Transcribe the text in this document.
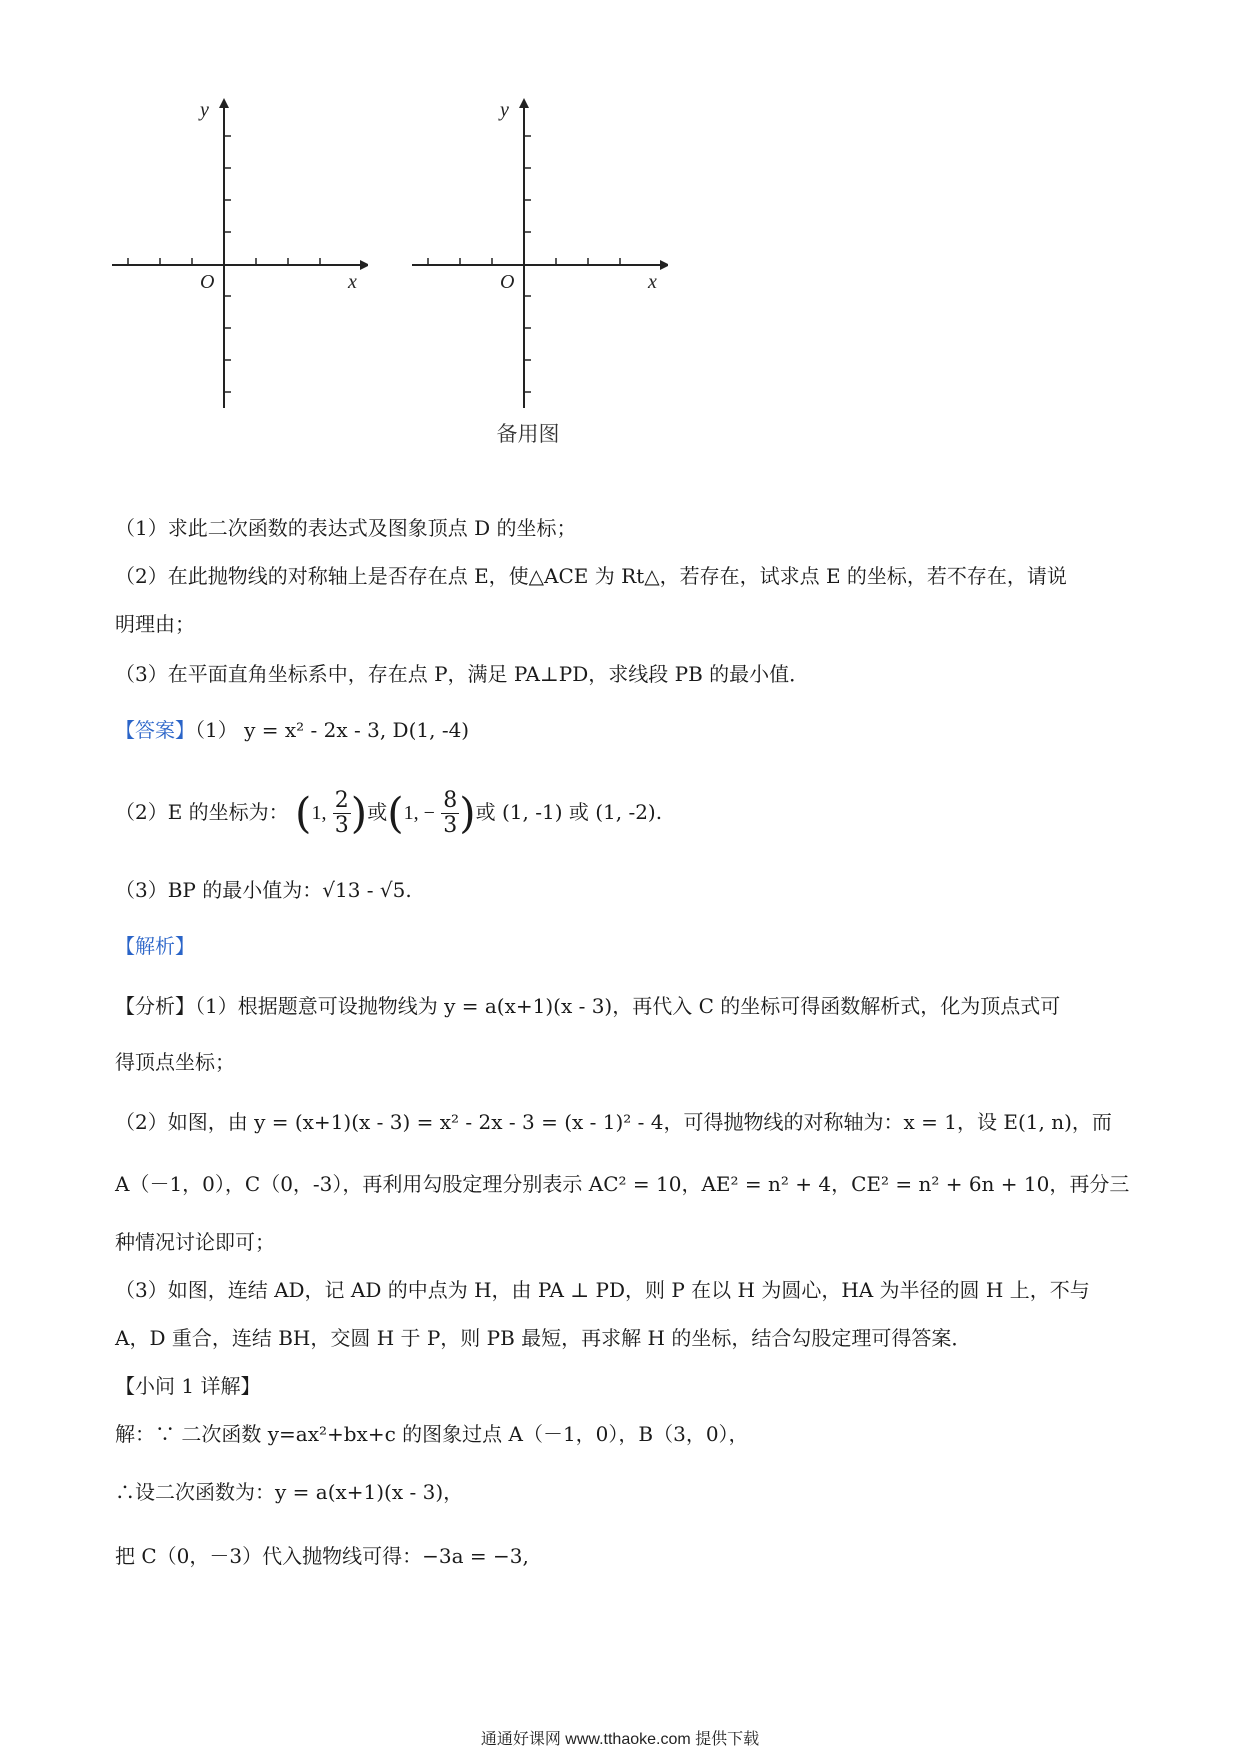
y
x
O
y
x
O
备用图
（1）求此二次函数的表达式及图象顶点 D 的坐标；
（2）在此抛物线的对称轴上是否存在点 E，使△ACE 为 Rt△，若存在，试求点 E 的坐标，若不存在，请说
明理由；
（3）在平面直角坐标系中，存在点 P，满足 PA⊥PD，求线段 PB 的最小值．
【答案】（1） y = x² - 2x - 3, D(1, -4)
（2）E 的坐标为： (1, $\frac{2}{3}$ )或(1, − $\frac{8}{3}$ )或 (1, -1) 或 (1, -2).
（3）BP 的最小值为：√13 - √5.
【解析】
【分析】（1）根据题意可设抛物线为 y = a(x+1)(x - 3)，再代入 C 的坐标可得函数解析式，化为顶点式可
得顶点坐标；
（2）如图，由 y = (x+1)(x - 3) = x² - 2x - 3 = (x - 1)² - 4，可得抛物线的对称轴为：x = 1，设 E(1, n)，而
A（－1，0），C（0，-3），再利用勾股定理分别表示 AC² = 10，AE² = n² + 4，CE² = n² + 6n + 10，再分三
种情况讨论即可；
（3）如图，连结 AD，记 AD 的中点为 H，由 PA ⊥ PD，则 P 在以 H 为圆心，HA 为半径的圆 H 上，不与
A，D 重合，连结 BH，交圆 H 于 P，则 PB 最短，再求解 H 的坐标，结合勾股定理可得答案．
【小问 1 详解】
解：∵ 二次函数 y=ax²+bx+c 的图象过点 A（－1，0），B（3，0），
∴设二次函数为：y = a(x+1)(x - 3)，
把 C（0，－3）代入抛物线可得：−3a = −3,
通通好课网 www.tthaoke.com 提供下载
